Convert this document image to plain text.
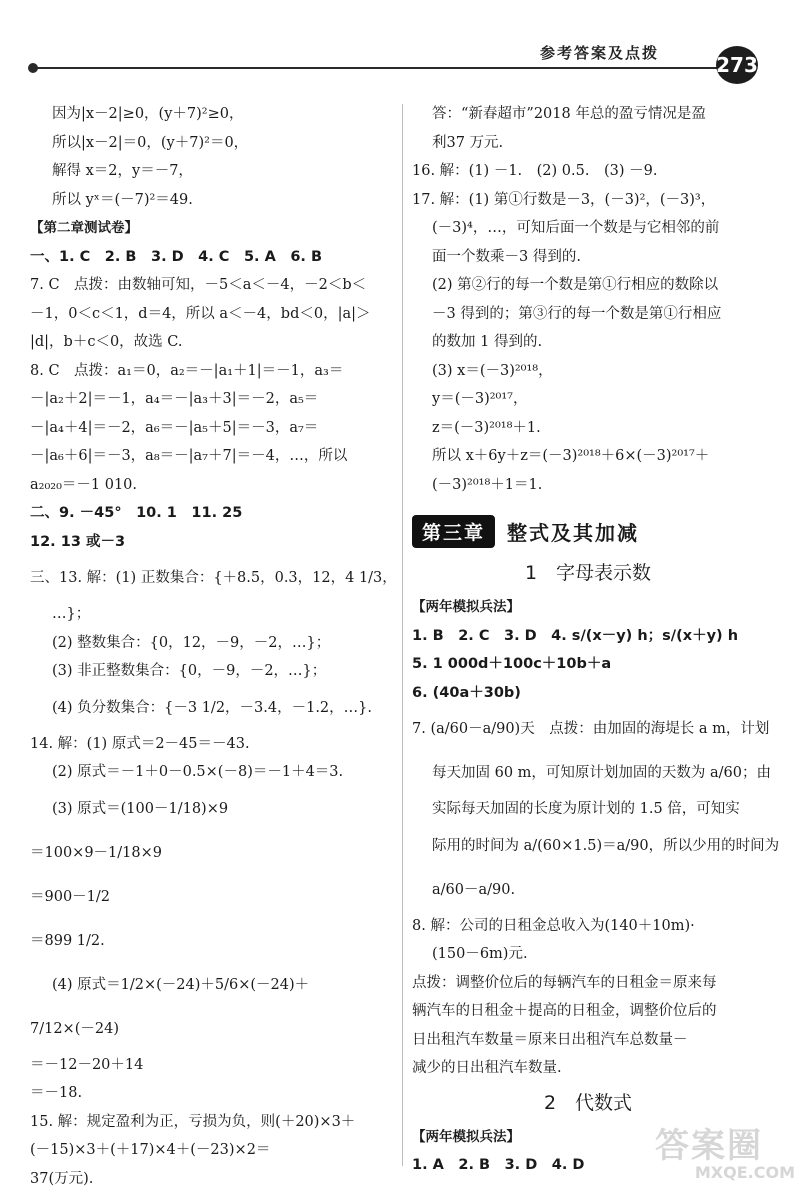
参考答案及点拨	273
因为|x－2|≥0，(y＋7)²≥0，
所以|x－2|＝0，(y＋7)²＝0，
解得 x＝2，y＝－7，
所以 yˣ＝(－7)²＝49.
【第二章测试卷】
一、1. C　2. B　3. D　4. C　5. A　6. B
7. C　点拨：由数轴可知，－5＜a＜－4，－2＜b＜
－1，0＜c＜1，d＝4，所以 a＜－4，bd＜0，|a|＞
|d|，b＋c＜0，故选 C.
8. C　点拨：a₁＝0，a₂＝－|a₁＋1|＝－1，a₃＝
－|a₂＋2|＝－1，a₄＝－|a₃＋3|＝－2，a₅＝
－|a₄＋4|＝－2，a₆＝－|a₅＋5|＝－3，a₇＝
－|a₆＋6|＝－3，a₈＝－|a₇＋7|＝－4，…，所以
a₂₀₂₀＝－1 010.
二、9. －45°　10. 1　11. 25
12. 13 或－3
三、13. 解：(1) 正数集合：{＋8.5，0.3，12，4 1/3，
…}；
(2) 整数集合：{0，12，－9，－2，…}；
(3) 非正整数集合：{0，－9，－2，…}；
(4) 负分数集合：{－3 1/2，－3.4，－1.2，…}.
14. 解：(1) 原式＝2－45＝－43.
(2) 原式＝－1＋0－0.5×(－8)＝－1＋4＝3.
(3) 原式＝(100－1/18)×9
＝100×9－1/18×9
＝900－1/2
＝899 1/2.
(4) 原式＝1/2×(－24)＋5/6×(－24)＋
7/12×(－24)
＝－12－20＋14
＝－18.
15. 解：规定盈利为正，亏损为负，则(＋20)×3＋
(－15)×3＋(＋17)×4＋(－23)×2＝
37(万元).
答：“新春超市”2018 年总的盈亏情况是盈
利37 万元.
16. 解：(1) －1.　(2) 0.5.　(3) －9.
17. 解：(1) 第①行数是－3，(－3)²，(－3)³，
(－3)⁴，…，可知后面一个数是与它相邻的前
面一个数乘－3 得到的.
(2) 第②行的每一个数是第①行相应的数除以
－3 得到的；第③行的每一个数是第①行相应
的数加 1 得到的.
(3) x＝(－3)²⁰¹⁸，
y＝(－3)²⁰¹⁷，
z＝(－3)²⁰¹⁸＋1.
所以 x＋6y＋z＝(－3)²⁰¹⁸＋6×(－3)²⁰¹⁷＋
(－3)²⁰¹⁸＋1＝1.
第三章	整式及其加减
1　字母表示数
【两年模拟兵法】
1. B　2. C　3. D　4. s/(x－y) h；s/(x＋y) h
5. 1 000d＋100c＋10b＋a
6. (40a＋30b)
7. (a/60－a/90)天　点拨：由加固的海堤长 a m，计划
每天加固 60 m，可知原计划加固的天数为 a/60；由
实际每天加固的长度为原计划的 1.5 倍，可知实
际用的时间为 a/(60×1.5)＝a/90，所以少用的时间为
a/60－a/90.
8. 解：公司的日租金总收入为(140＋10m)·
(150－6m)元.
点拨：调整价位后的每辆汽车的日租金＝原来每
辆汽车的日租金＋提高的日租金，调整价位后的
日出租汽车数量＝原来日出租汽车总数量－
减少的日出租汽车数量.
2　代数式
【两年模拟兵法】
1. A　2. B　3. D　4. D	答案圈
MXQE.COM
